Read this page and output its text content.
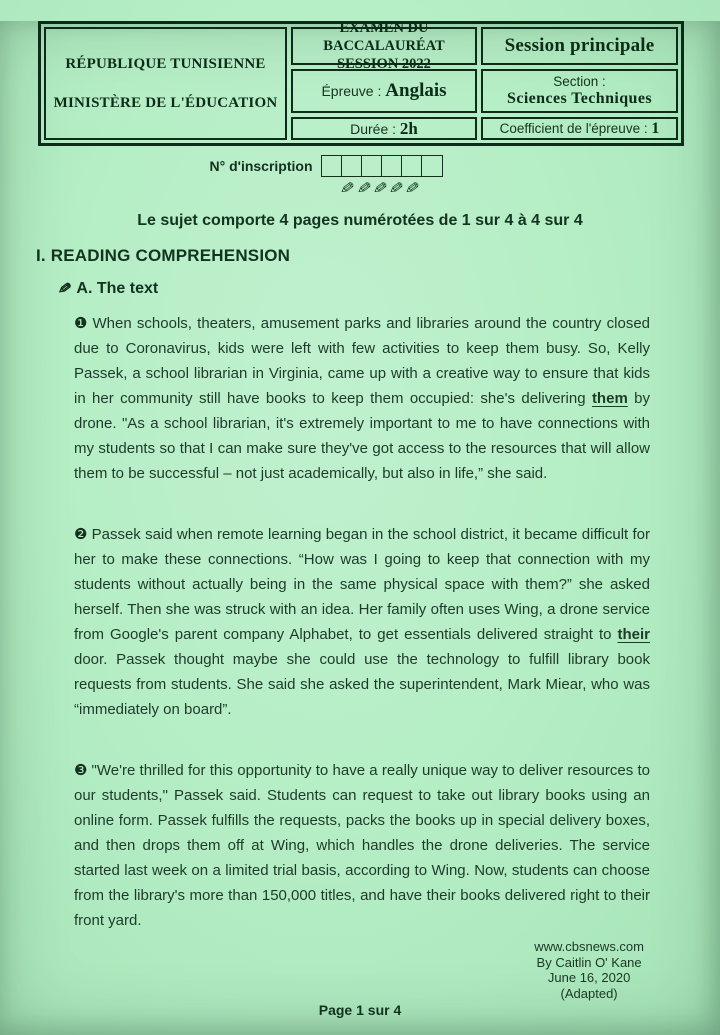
RÉPUBLIQUE TUNISIENNE
MINISTÈRE DE L'ÉDUCATION
EXAMEN DU BACCALAURÉAT
SESSION 2022
Session principale
Épreuve : Anglais	Section :
Sciences Techniques
Durée : 2h	Coefficient de l'épreuve : 1
N° d'inscription
✎ ✎ ✎ ✎ ✎
Le sujet comporte 4 pages numérotées de 1 sur 4 à 4 sur 4
I. READING COMPREHENSION
✎ A. The text

❶ When schools, theaters, amusement parks and libraries around the country closed due to Coronavirus, kids were left with few activities to keep them busy. So, Kelly Passek, a school librarian in Virginia, came up with a creative way to ensure that kids in her community still have books to keep them occupied: she's delivering them by drone. "As a school librarian, it's extremely important to me to have connections with my students so that I can make sure they've got access to the resources that will allow them to be successful – not just academically, but also in life,” she said.

❷ Passek said when remote learning began in the school district, it became difficult for her to make these connections. “How was I going to keep that connection with my students without actually being in the same physical space with them?” she asked herself. Then she was struck with an idea. Her family often uses Wing, a drone service from Google's parent company Alphabet, to get essentials delivered straight to their door. Passek thought maybe she could use the technology to fulfill library book requests from students. She said she asked the superintendent, Mark Miear, who was “immediately on board”.

❸ "We're thrilled for this opportunity to have a really unique way to deliver resources to our students," Passek said. Students can request to take out library books using an online form. Passek fulfills the requests, packs the books up in special delivery boxes, and then drops them off at Wing, which handles the drone deliveries. The service started last week on a limited trial basis, according to Wing. Now, students can choose from the library's more than 150,000 titles, and have their books delivered right to their front yard.

www.cbsnews.com
By Caitlin O' Kane
June 16, 2020
(Adapted)
Page 1 sur 4
